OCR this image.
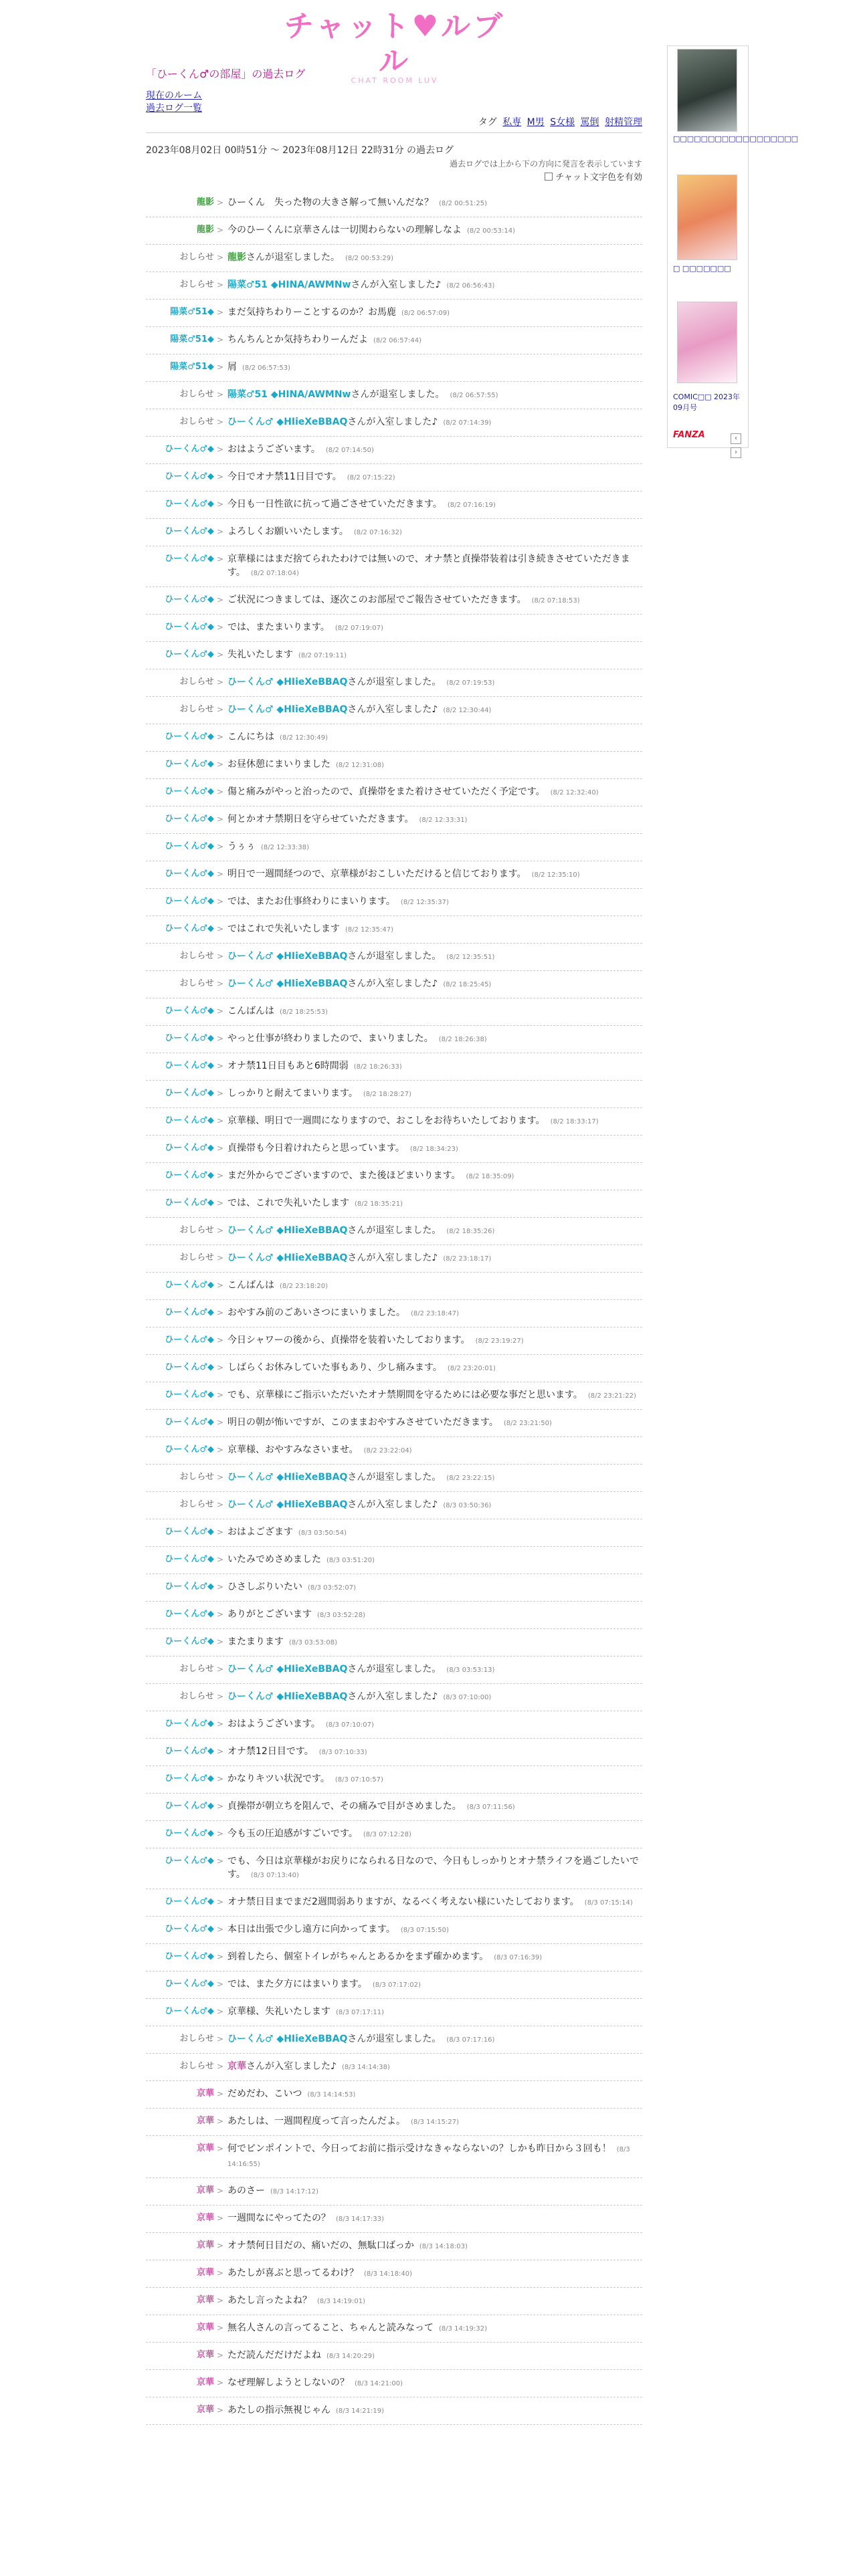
チャット♥ルブル
CHAT ROOM LUV
「ひーくん♂の部屋」の過去ログ
現在のルーム
過去ログ一覧
タグ 私専 M男 S女様 罵倒 射精管理
2023年08月02日 00時51分 〜 2023年08月12日 22時31分 の過去ログ
過去ログでは上から下の方向に発言を表示しています
チャット文字色を有効
龍影 > ひーくん　失った物の大きさ解って無いんだな？ (8/2 00:51:25)
龍影 > 今のひーくんに京華さんは一切関わらないの理解しなよ (8/2 00:53:14)
おしらせ > 龍影さんが退室しました。 (8/2 00:53:29)
おしらせ > 陽菜♂51 ◆HINA/AWMNwさんが入室しました♪ (8/2 06:56:43)
陽菜♂51◆ > まだ気持ちわりーことするのか？お馬鹿 (8/2 06:57:09)
陽菜♂51◆ > ちんちんとか気持ちわりーんだよ (8/2 06:57:44)
陽菜♂51◆ > 屑 (8/2 06:57:53)
おしらせ > 陽菜♂51 ◆HINA/AWMNwさんが退室しました。 (8/2 06:57:55)
おしらせ > ひーくん♂ ◆HIieXeBBAQさんが入室しました♪ (8/2 07:14:39)
ひーくん♂◆ > おはようございます。 (8/2 07:14:50)
ひーくん♂◆ > 今日でオナ禁11日目です。 (8/2 07:15:22)
ひーくん♂◆ > 今日も一日性欲に抗って過ごさせていただきます。 (8/2 07:16:19)
ひーくん♂◆ > よろしくお願いいたします。 (8/2 07:16:32)
ひーくん♂◆ > 京華様にはまだ捨てられたわけでは無いので、オナ禁と貞操帯装着は引き続きさせていただきます。 (8/2 07:18:04)
ひーくん♂◆ > ご状況につきましては、逐次このお部屋でご報告させていただきます。 (8/2 07:18:53)
ひーくん♂◆ > では、またまいります。 (8/2 07:19:07)
ひーくん♂◆ > 失礼いたします (8/2 07:19:11)
おしらせ > ひーくん♂ ◆HIieXeBBAQさんが退室しました。 (8/2 07:19:53)
おしらせ > ひーくん♂ ◆HIieXeBBAQさんが入室しました♪ (8/2 12:30:44)
ひーくん♂◆ > こんにちは (8/2 12:30:49)
ひーくん♂◆ > お昼休憩にまいりました (8/2 12:31:08)
ひーくん♂◆ > 傷と痛みがやっと治ったので、貞操帯をまた着けさせていただく予定です。 (8/2 12:32:40)
ひーくん♂◆ > 何とかオナ禁期日を守らせていただきます。 (8/2 12:33:31)
ひーくん♂◆ > うぅぅ (8/2 12:33:38)
ひーくん♂◆ > 明日で一週間経つので、京華様がおこしいただけると信じております。 (8/2 12:35:10)
ひーくん♂◆ > では、またお仕事終わりにまいります。 (8/2 12:35:37)
ひーくん♂◆ > ではこれで失礼いたします (8/2 12:35:47)
おしらせ > ひーくん♂ ◆HIieXeBBAQさんが退室しました。 (8/2 12:35:51)
おしらせ > ひーくん♂ ◆HIieXeBBAQさんが入室しました♪ (8/2 18:25:45)
ひーくん♂◆ > こんばんは (8/2 18:25:53)
ひーくん♂◆ > やっと仕事が終わりましたので、まいりました。 (8/2 18:26:38)
ひーくん♂◆ > オナ禁11日目もあと6時間弱 (8/2 18:26:33)
ひーくん♂◆ > しっかりと耐えてまいります。 (8/2 18:28:27)
ひーくん♂◆ > 京華様、明日で一週間になりますので、おこしをお待ちいたしております。 (8/2 18:33:17)
ひーくん♂◆ > 貞操帯も今日着けれたらと思っています。 (8/2 18:34:23)
ひーくん♂◆ > まだ外からでございますので、また後ほどまいります。 (8/2 18:35:09)
ひーくん♂◆ > では、これで失礼いたします (8/2 18:35:21)
おしらせ > ひーくん♂ ◆HIieXeBBAQさんが退室しました。 (8/2 18:35:26)
おしらせ > ひーくん♂ ◆HIieXeBBAQさんが入室しました♪ (8/2 23:18:17)
ひーくん♂◆ > こんばんは (8/2 23:18:20)
ひーくん♂◆ > おやすみ前のごあいさつにまいりました。 (8/2 23:18:47)
ひーくん♂◆ > 今日シャワーの後から、貞操帯を装着いたしております。 (8/2 23:19:27)
ひーくん♂◆ > しばらくお休みしていた事もあり、少し痛みます。 (8/2 23:20:01)
ひーくん♂◆ > でも、京華様にご指示いただいたオナ禁期間を守るためには必要な事だと思います。 (8/2 23:21:22)
ひーくん♂◆ > 明日の朝が怖いですが、このままおやすみさせていただきます。 (8/2 23:21:50)
ひーくん♂◆ > 京華様、おやすみなさいませ。 (8/2 23:22:04)
おしらせ > ひーくん♂ ◆HIieXeBBAQさんが退室しました。 (8/2 23:22:15)
おしらせ > ひーくん♂ ◆HIieXeBBAQさんが入室しました♪ (8/3 03:50:36)
ひーくん♂◆ > おはよござます (8/3 03:50:54)
ひーくん♂◆ > いたみでめさめました (8/3 03:51:20)
ひーくん♂◆ > ひさしぶりいたい (8/3 03:52:07)
ひーくん♂◆ > ありがとございます (8/3 03:52:28)
ひーくん♂◆ > またまります (8/3 03:53:08)
おしらせ > ひーくん♂ ◆HIieXeBBAQさんが退室しました。 (8/3 03:53:13)
おしらせ > ひーくん♂ ◆HIieXeBBAQさんが入室しました♪ (8/3 07:10:00)
ひーくん♂◆ > おはようございます。 (8/3 07:10:07)
ひーくん♂◆ > オナ禁12日目です。 (8/3 07:10:33)
ひーくん♂◆ > かなりキツい状況です。 (8/3 07:10:57)
ひーくん♂◆ > 貞操帯が朝立ちを阻んで、その痛みで目がさめました。 (8/3 07:11:56)
ひーくん♂◆ > 今も玉の圧迫感がすごいです。 (8/3 07:12:28)
ひーくん♂◆ > でも、今日は京華様がお戻りになられる日なので、今日もしっかりとオナ禁ライフを過ごしたいです。 (8/3 07:13:40)
ひーくん♂◆ > オナ禁日目までまだ2週間弱ありますが、なるべく考えない様にいたしております。 (8/3 07:15:14)
ひーくん♂◆ > 本日は出張で少し遠方に向かってます。 (8/3 07:15:50)
ひーくん♂◆ > 到着したら、個室トイレがちゃんとあるかをまず確かめます。 (8/3 07:16:39)
ひーくん♂◆ > では、また夕方にはまいります。 (8/3 07:17:02)
ひーくん♂◆ > 京華様、失礼いたします (8/3 07:17:11)
おしらせ > ひーくん♂ ◆HIieXeBBAQさんが退室しました。 (8/3 07:17:16)
おしらせ > 京華さんが入室しました♪ (8/3 14:14:38)
京華 > だめだわ、こいつ (8/3 14:14:53)
京華 > あたしは、一週間程度って言ったんだよ。 (8/3 14:15:27)
京華 > 何でピンポイントで、今日ってお前に指示受けなきゃならないの？しかも昨日から３回も！ (8/3 14:16:55)
京華 > あのさー (8/3 14:17:12)
京華 > 一週間なにやってたの？ (8/3 14:17:33)
京華 > オナ禁何日目だの、痛いだの、無駄口ばっか (8/3 14:18:03)
京華 > あたしが喜ぶと思ってるわけ？ (8/3 14:18:40)
京華 > あたし言ったよね？ (8/3 14:19:01)
京華 > 無名人さんの言ってること、ちゃんと読みなって (8/3 14:19:32)
京華 > ただ読んだだけだよね (8/3 14:20:29)
京華 > なぜ理解しようとしないの？ (8/3 14:21:00)
京華 > あたしの指示無視じゃん (8/3 14:21:19)
□□□□□□□□□□□□□□□□□□
□ □□□□□□□
COMIC□□ 2023年09月号
FANZA	‹›
